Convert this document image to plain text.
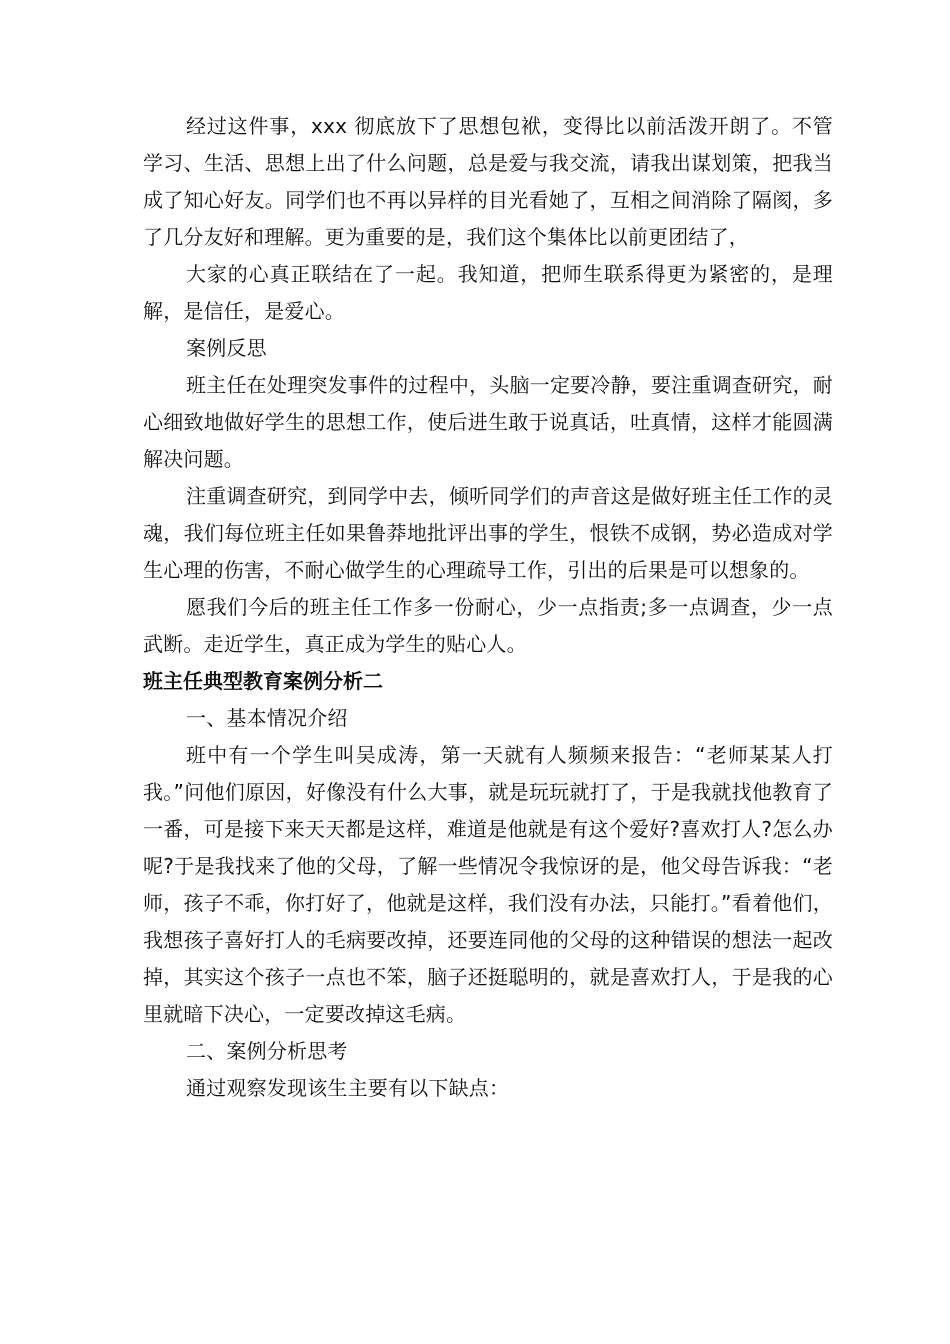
经过这件事，xxx 彻底放下了思想包袱，变得比以前活泼开朗了。不管学习、生活、思想上出了什么问题，总是爱与我交流，请我出谋划策，把我当成了知心好友。同学们也不再以异样的目光看她了，互相之间消除了隔阂，多了几分友好和理解。更为重要的是，我们这个集体比以前更团结了，

大家的心真正联结在了一起。我知道，把师生联系得更为紧密的，是理解，是信任，是爱心。

案例反思

班主任在处理突发事件的过程中，头脑一定要冷静，要注重调查研究，耐心细致地做好学生的思想工作，使后进生敢于说真话，吐真情，这样才能圆满解决问题。

注重调查研究，到同学中去，倾听同学们的声音这是做好班主任工作的灵魂，我们每位班主任如果鲁莽地批评出事的学生，恨铁不成钢，势必造成对学生心理的伤害，不耐心做学生的心理疏导工作，引出的后果是可以想象的。

愿我们今后的班主任工作多一份耐心，少一点指责;多一点调查，少一点武断。走近学生，真正成为学生的贴心人。

班主任典型教育案例分析二

一、基本情况介绍

班中有一个学生叫吴成涛，第一天就有人频频来报告：“老师某某人打我。”问他们原因，好像没有什么大事，就是玩玩就打了，于是我就找他教育了一番，可是接下来天天都是这样，难道是他就是有这个爱好?喜欢打人?怎么办呢?于是我找来了他的父母，了解一些情况令我惊讶的是，他父母告诉我：“老师，孩子不乖，你打好了，他就是这样，我们没有办法，只能打。”看着他们，我想孩子喜好打人的毛病要改掉，还要连同他的父母的这种错误的想法一起改掉，其实这个孩子一点也不笨，脑子还挺聪明的，就是喜欢打人，于是我的心里就暗下决心，一定要改掉这毛病。

二、案例分析思考

通过观察发现该生主要有以下缺点：
